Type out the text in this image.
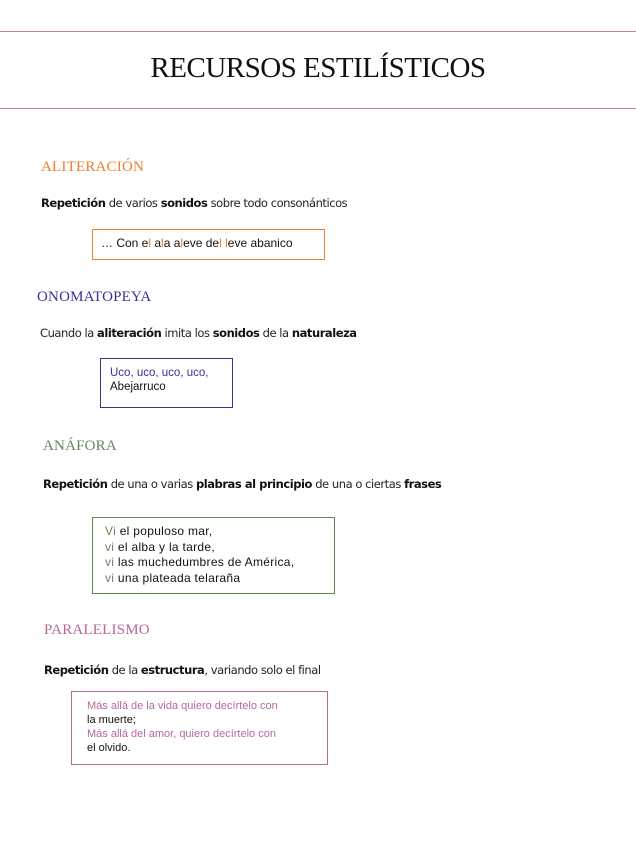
RECURSOS ESTILÍSTICOS
ALITERACIÓN
Repetición de varios sonidos sobre todo consonánticos
… Con el ala aleve del leve abanico
ONOMATOPEYA
Cuando la aliteración imita los sonidos de la naturaleza
Uco, uco, uco, uco,
Abejarruco
ANÁFORA
Repetición de una o varias plabras al principio de una o ciertas frases
Vi el populoso mar,
vi el alba y la tarde,
vi las muchedumbres de América,
vi una plateada telaraña
PARALELISMO
Repetición de la estructura, variando solo el final
Más allá de la vida quiero decírtelo con
la muerte;
Más allá del amor, quiero decírtelo con
el olvido.
